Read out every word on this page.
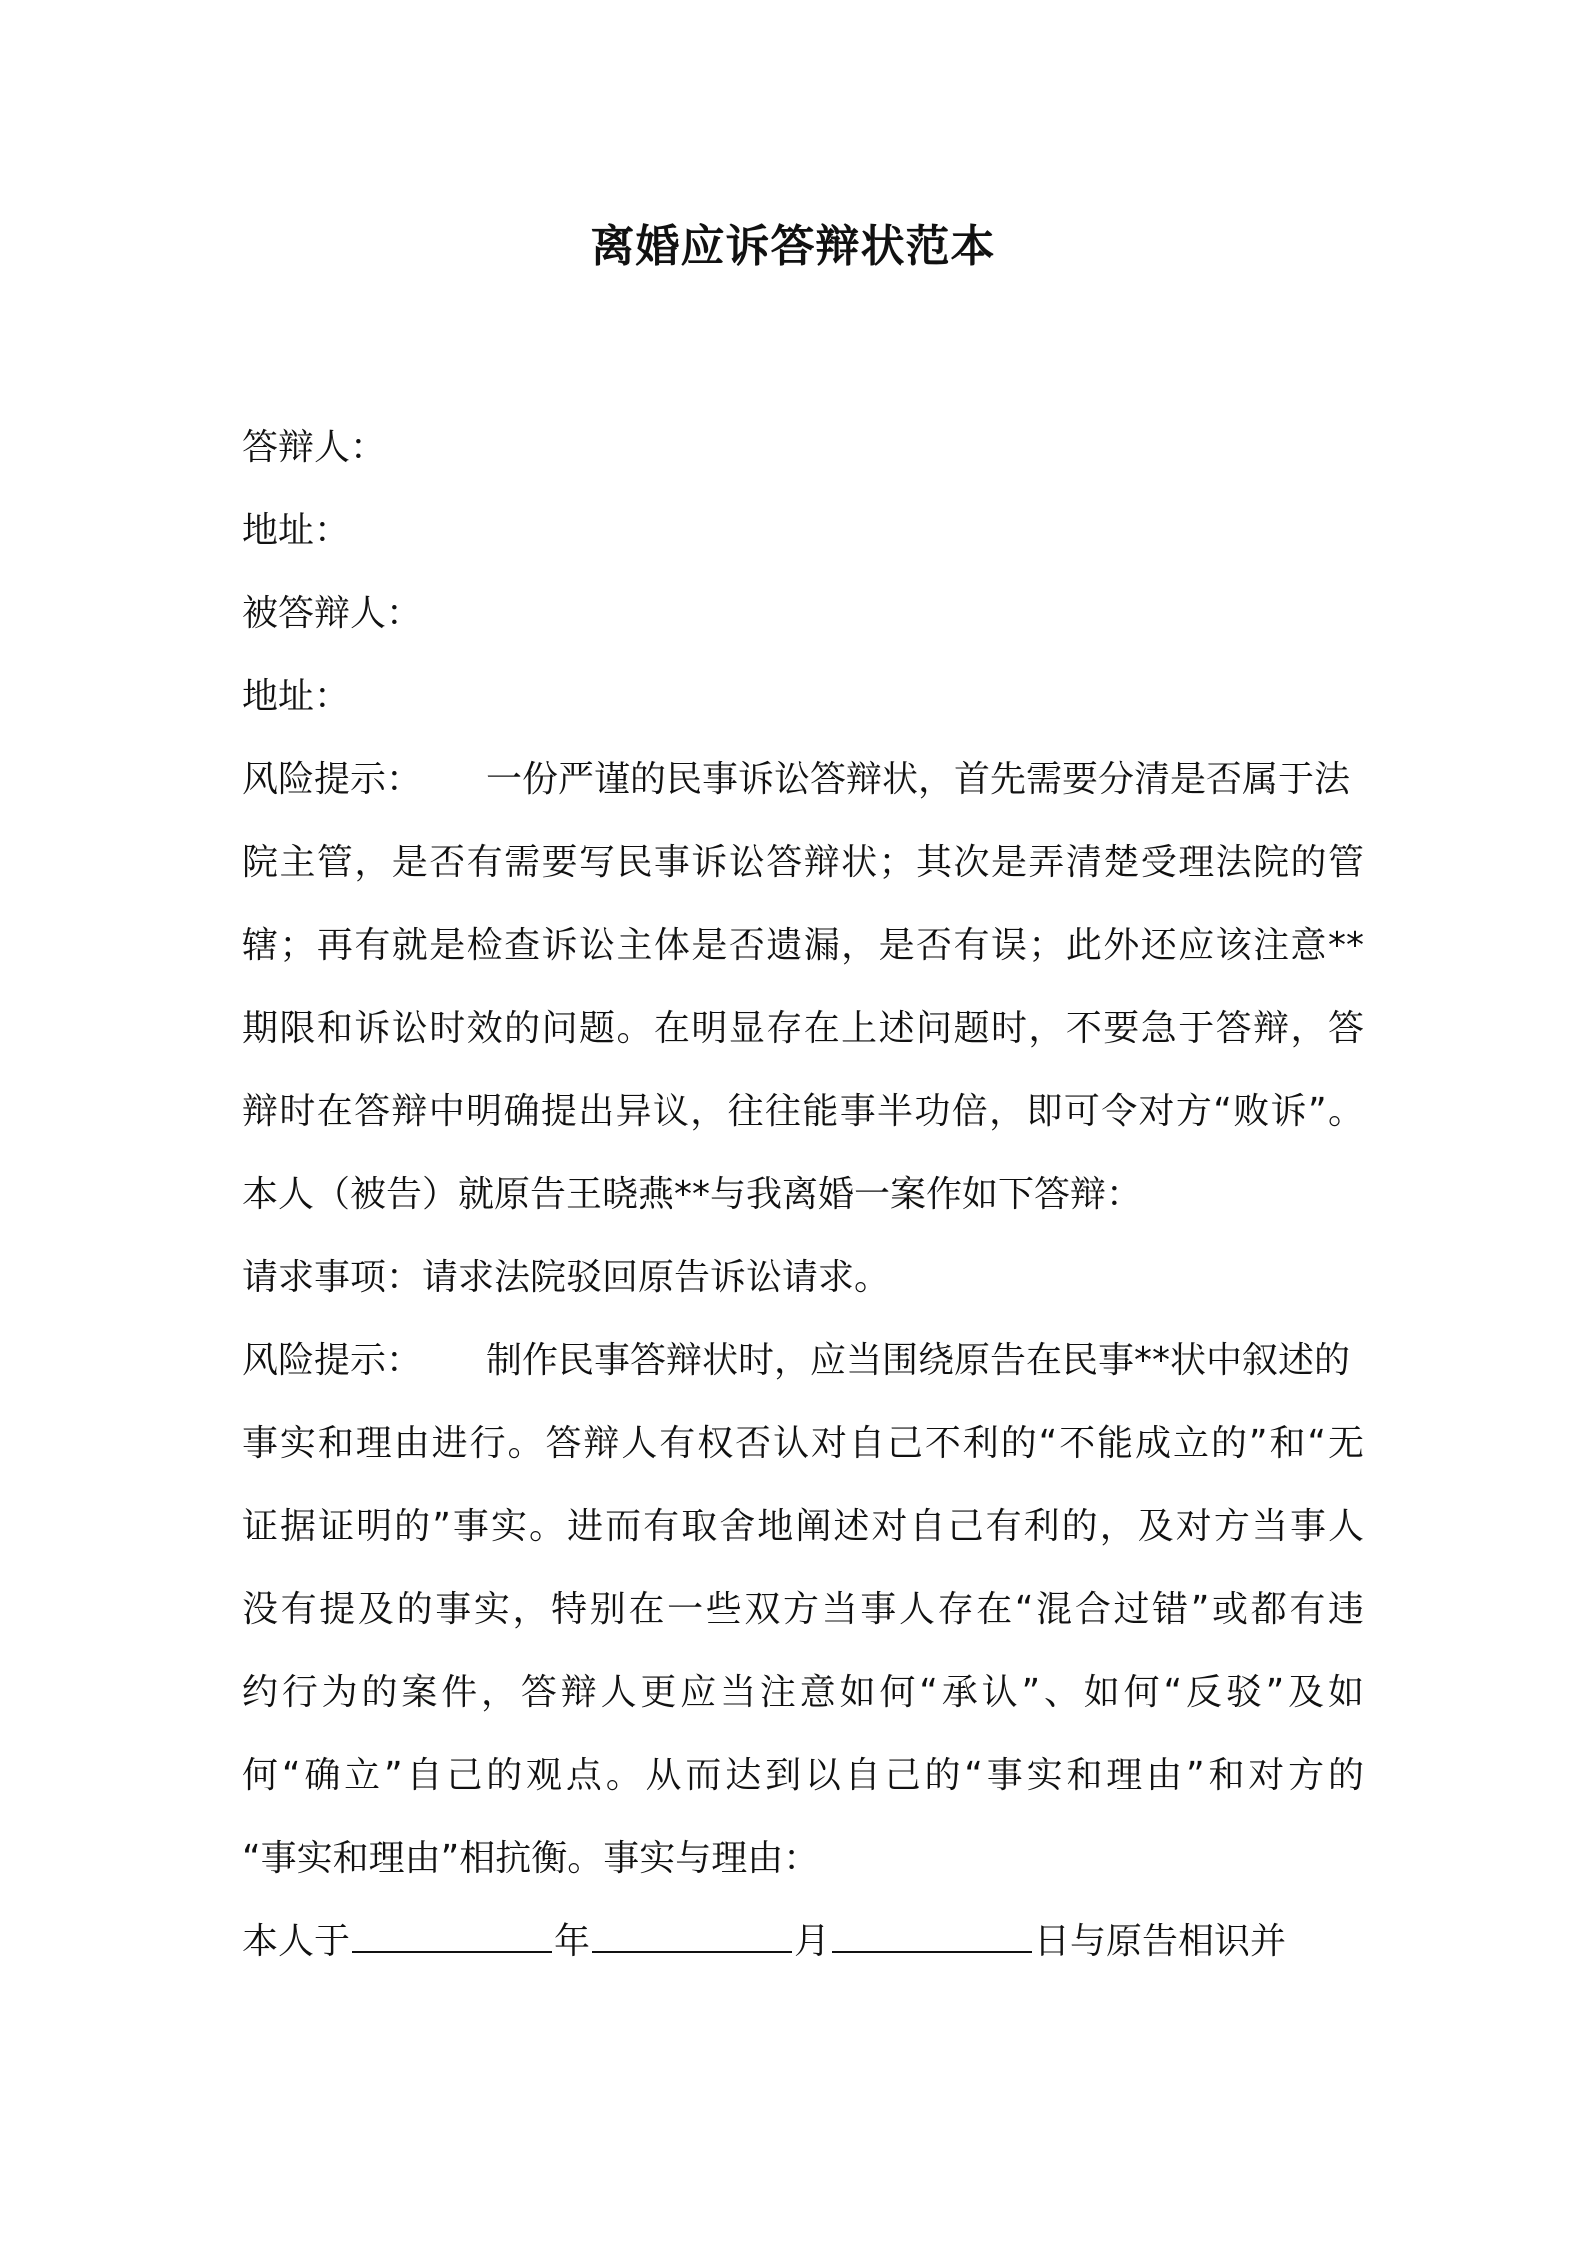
离婚应诉答辩状范本
答辩人：
地址：
被答辩人：
地址：
风险提示： 一份严谨的民事诉讼答辩状，首先需要分清是否属于法
院主管，是否有需要写民事诉讼答辩状；其次是弄清楚受理法院的管
辖；再有就是检查诉讼主体是否遗漏，是否有误；此外还应该注意**
期限和诉讼时效的问题。在明显存在上述问题时，不要急于答辩，答
辩时在答辩中明确提出异议，往往能事半功倍，即可令对方“败诉”。
本人（被告）就原告王晓燕**与我离婚一案作如下答辩：
请求事项：请求法院驳回原告诉讼请求。
风险提示： 制作民事答辩状时，应当围绕原告在民事**状中叙述的
事实和理由进行。答辩人有权否认对自己不利的“不能成立的”和“无
证据证明的”事实。进而有取舍地阐述对自己有利的，及对方当事人
没有提及的事实，特别在一些双方当事人存在“混合过错”或都有违
约行为的案件，答辩人更应当注意如何“承认”、如何“反驳”及如
何“确立”自己的观点。从而达到以自己的“事实和理由”和对方的
“事实和理由”相抗衡。事实与理由：
本人于	年	月	日与原告相识并
